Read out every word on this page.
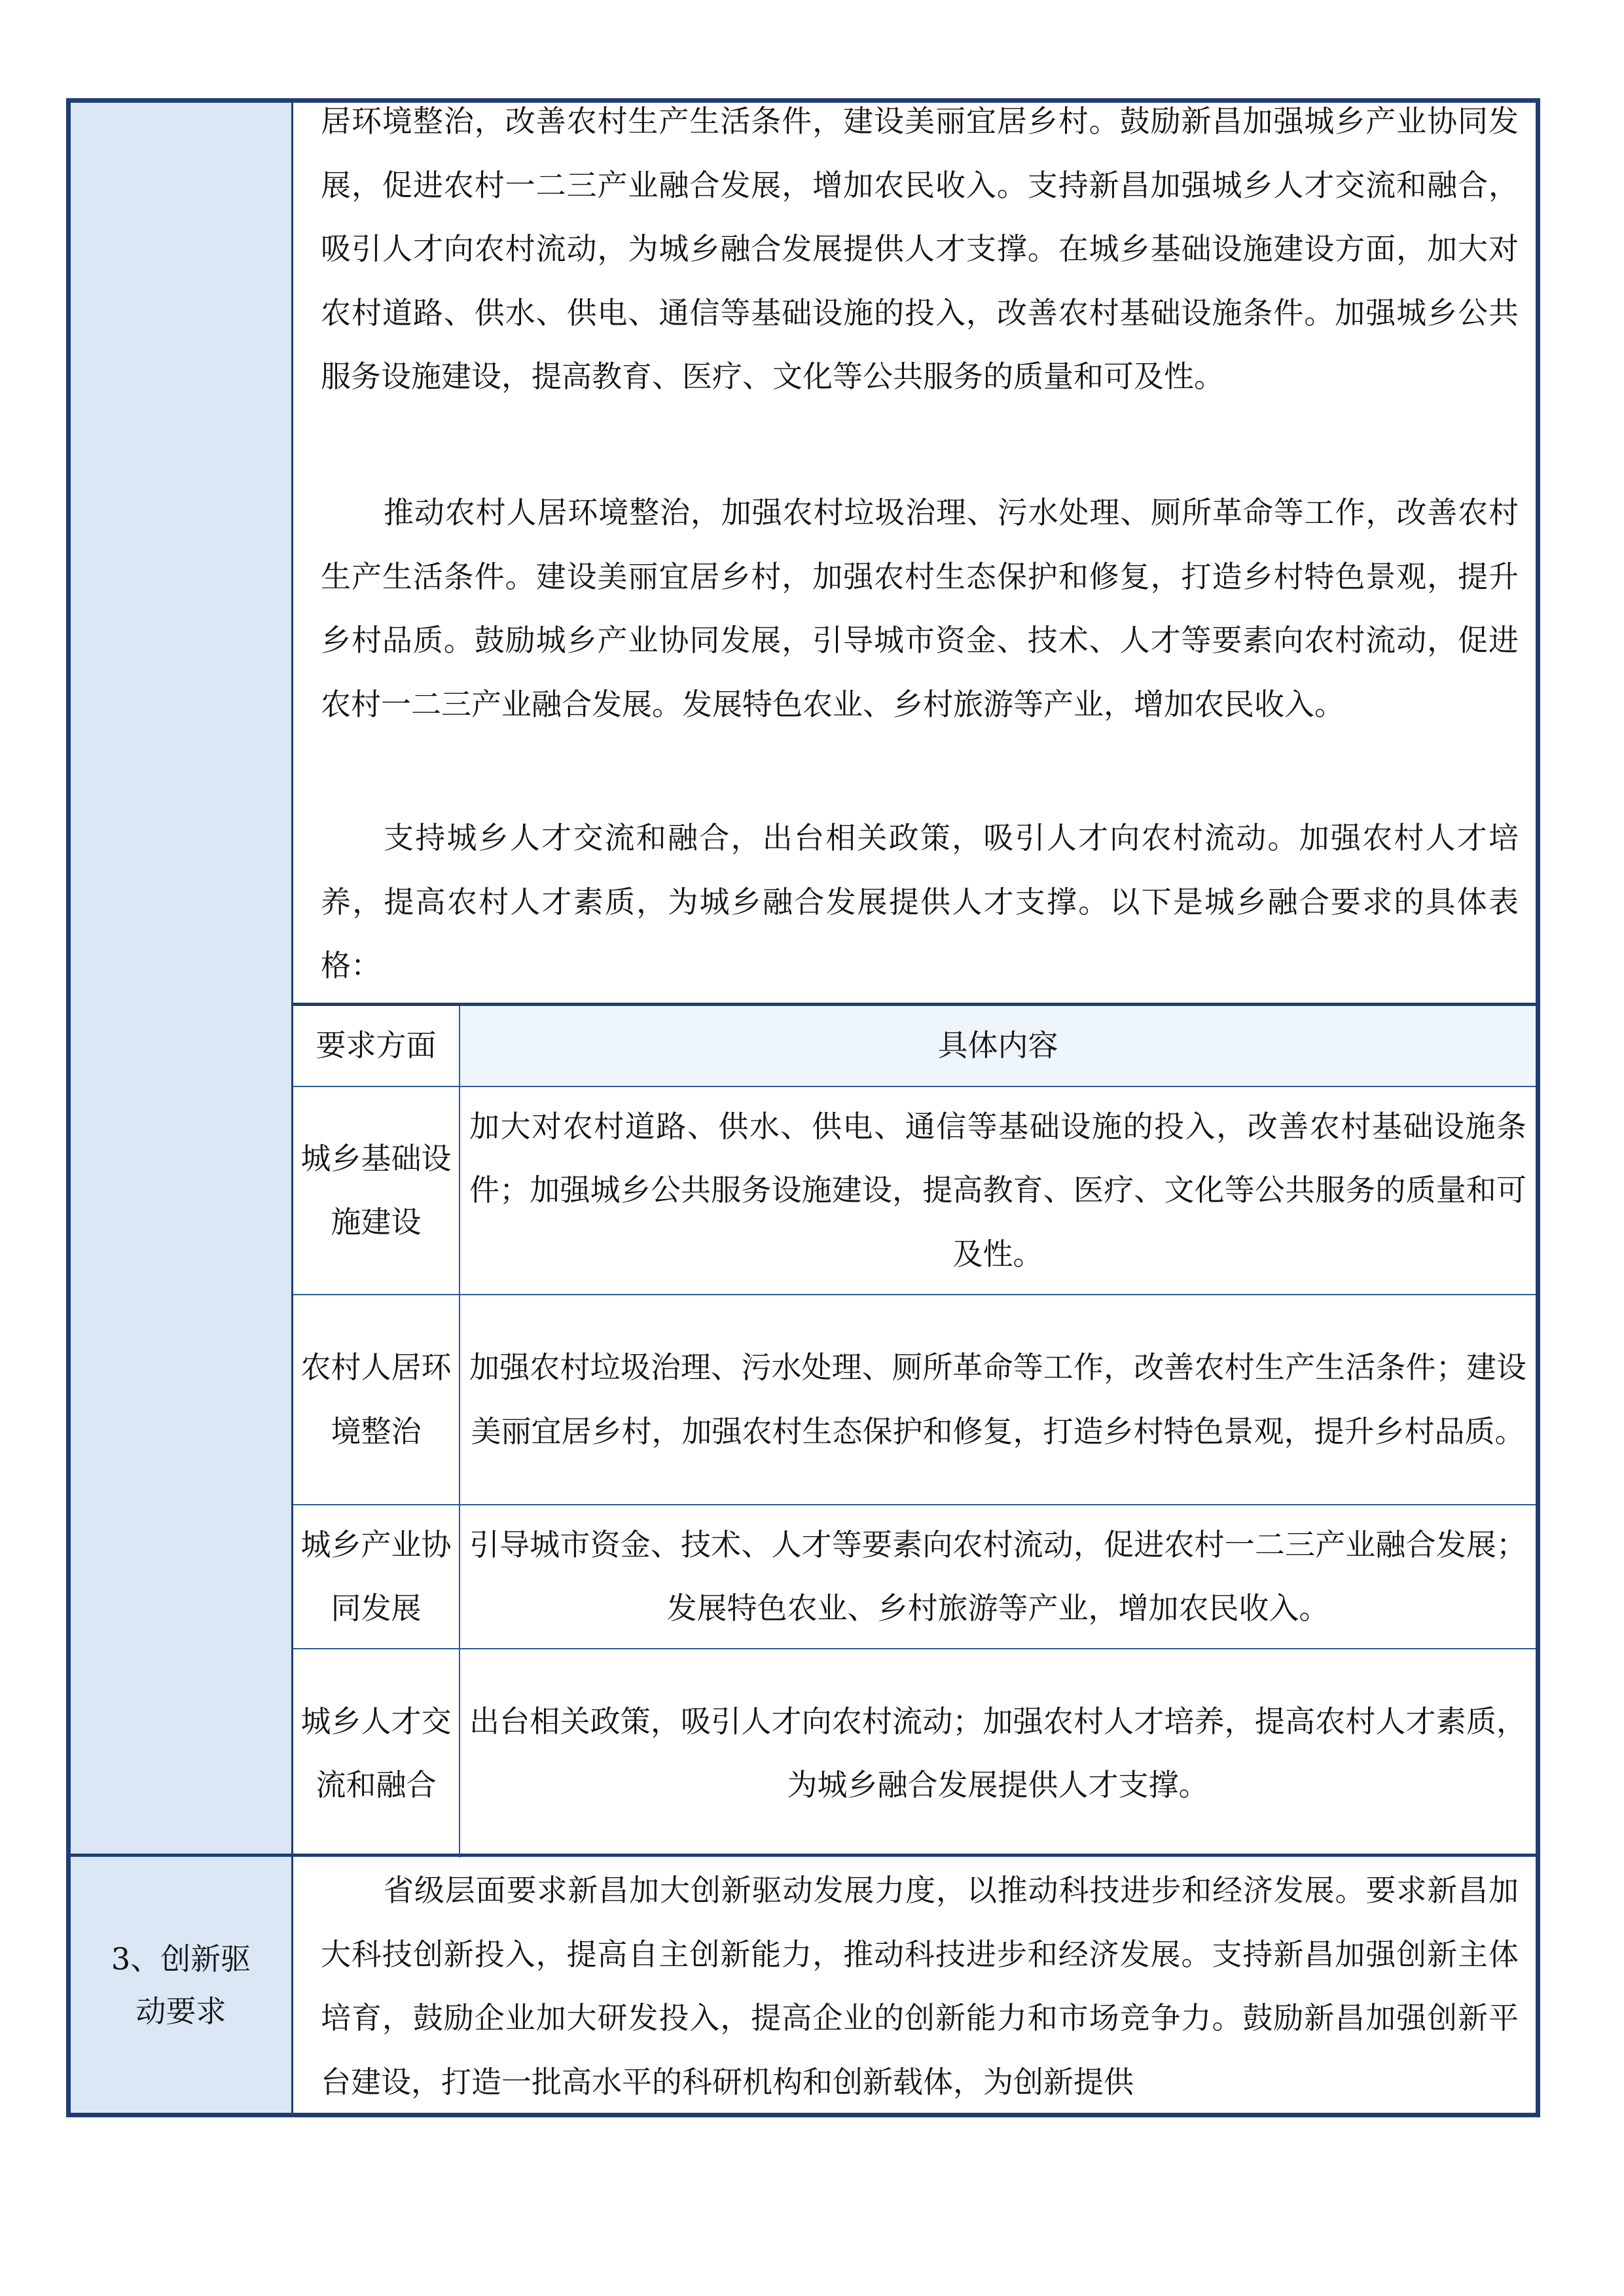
居环境整治，改善农村生产生活条件，建设美丽宜居乡村。鼓励新昌加强城乡产业协同发展，促进农村一二三产业融合发展，增加农民收入。支持新昌加强城乡人才交流和融合，吸引人才向农村流动，为城乡融合发展提供人才支撑。在城乡基础设施建设方面，加大对农村道路、供水、供电、通信等基础设施的投入，改善农村基础设施条件。加强城乡公共服务设施建设，提高教育、医疗、文化等公共服务的质量和可及性。

推动农村人居环境整治，加强农村垃圾治理、污水处理、厕所革命等工作，改善农村生产生活条件。建设美丽宜居乡村，加强农村生态保护和修复，打造乡村特色景观，提升乡村品质。鼓励城乡产业协同发展，引导城市资金、技术、人才等要素向农村流动，促进农村一二三产业融合发展。发展特色农业、乡村旅游等产业，增加农民收入。

支持城乡人才交流和融合，出台相关政策，吸引人才向农村流动。加强农村人才培养，提高农村人才素质，为城乡融合发展提供人才支撑。以下是城乡融合要求的具体表格：

要求方面	具体内容
城乡基础设施建设	加大对农村道路、供水、供电、通信等基础设施的投入，改善农村基础设施条件；加强城乡公共服务设施建设，提高教育、医疗、文化等公共服务的质量和可及性。
农村人居环境整治	加强农村垃圾治理、污水处理、厕所革命等工作，改善农村生产生活条件；建设美丽宜居乡村，加强农村生态保护和修复，打造乡村特色景观，提升乡村品质。
城乡产业协同发展	引导城市资金、技术、人才等要素向农村流动，促进农村一二三产业融合发展；发展特色农业、乡村旅游等产业，增加农民收入。
城乡人才交流和融合	出台相关政策，吸引人才向农村流动；加强农村人才培养，提高农村人才素质，为城乡融合发展提供人才支撑。
3、创新驱动要求

省级层面要求新昌加大创新驱动发展力度，以推动科技进步和经济发展。要求新昌加大科技创新投入，提高自主创新能力，推动科技进步和经济发展。支持新昌加强创新主体培育，鼓励企业加大研发投入，提高企业的创新能力和市场竞争力。鼓励新昌加强创新平台建设，打造一批高水平的科研机构和创新载体，为创新提供
